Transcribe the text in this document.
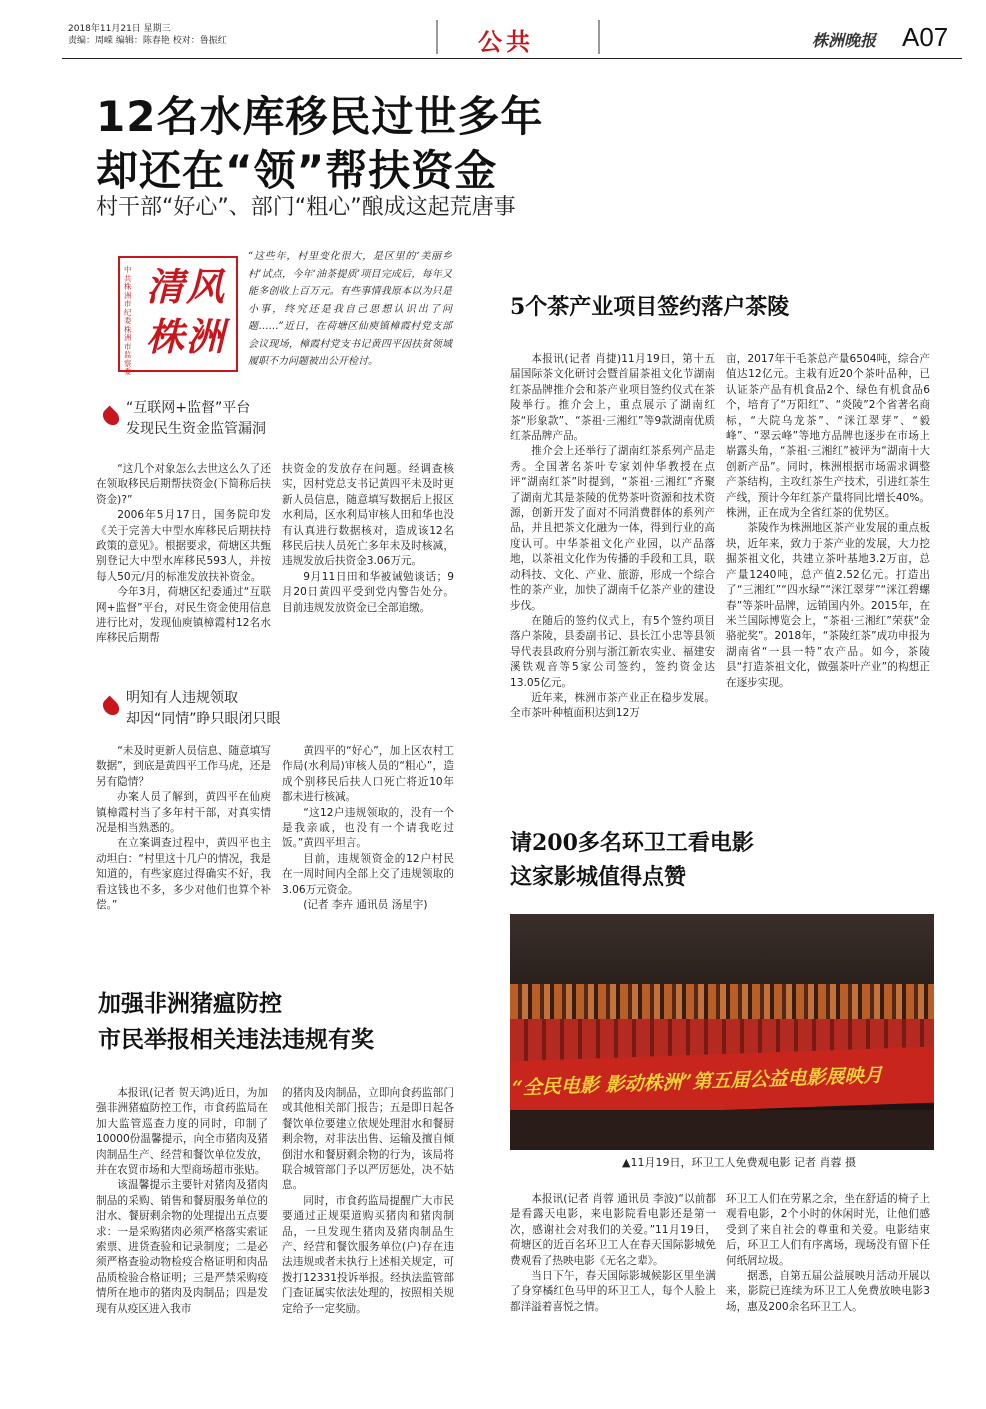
2018年11月21日 星期三
责编：周嵘 编辑：陈春艳 校对：鲁振红	公共	株洲晚报 A07
12名水库移民过世多年
却还在“领”帮扶资金
村干部“好心”、部门“粗心”酿成这起荒唐事
中共株洲市纪委 株洲市监察委
清风株洲
“这些年，村里变化很大，是区里的‘美丽乡村’试点，今年‘油茶提质’项目完成后，每年又能多创收上百万元。有些事情我原本以为只是小事，终究还是我自己思想认识出了问题……”近日，在荷塘区仙庾镇樟霞村党支部会议现场，樟霞村党支书记黄四平因扶贫领域履职不力问题被出公开检讨。
“互联网+监督”平台
发现民生资金监管漏洞

“这几个对象怎么去世这么久了还在领取移民后期帮扶资金(下简称后扶资金)?”

2006年5月17日，国务院印发《关于完善大中型水库移民后期扶持政策的意见》。根据要求，荷塘区共甄别登记大中型水库移民593人，并按每人50元/月的标准发放扶补资金。

今年3月，荷塘区纪委通过“互联网+监督”平台，对民生资金使用信息进行比对，发现仙庾镇樟霞村12名水库移民后期帮

扶资金的发放存在问题。经调查核实，因村党总支书记黄四平未及时更新人员信息，随意填写数据后上报区水利局，区水利局审核人田和华也没有认真进行数据核对，造成该12名移民后扶人员死亡多年未及时核减，违规发放后扶资金3.06万元。

9月11日田和华被诫勉谈话；9月20日黄四平受到党内警告处分。目前违规发放资金已全部追缴。

明知有人违规领取
却因“同情”睁只眼闭只眼

“未及时更新人员信息、随意填写数据”，到底是黄四平工作马虎，还是另有隐情？

办案人员了解到，黄四平在仙庾镇樟霞村当了多年村干部，对真实情况是相当熟悉的。

在立案调查过程中，黄四平也主动坦白：“村里这十几户的情况，我是知道的，有些家庭过得确实不好，我看这钱也不多，多少对他们也算个补偿。”

黄四平的“好心”，加上区农村工作局(水利局)审核人员的“粗心”，造成个别移民后扶人口死亡将近10年都未进行核减。

“这12户违规领取的，没有一个是我亲戚，也没有一个请我吃过饭。”黄四平坦言。

目前，违规领资金的12户村民在一周时间内全部上交了违规领取的3.06万元资金。

(记者 李卉 通讯员 汤星宇)

5个茶产业项目签约落户茶陵

本报讯(记者 肖捷)11月19日，第十五届国际茶文化研讨会暨首届茶祖文化节湖南红茶品牌推介会和茶产业项目签约仪式在茶陵举行。推介会上，重点展示了湖南红茶“形象款”、“茶祖·三湘红”等9款湖南优质红茶品牌产品。

推介会上还举行了湖南红茶系列产品走秀。全国著名茶叶专家刘仲华教授在点评“湖南红茶”时提到，“茶祖·三湘红”齐聚了湖南尤其是茶陵的优势茶叶资源和技术资源，创新开发了面对不同消费群体的系列产品，并且把茶文化融为一体，得到行业的高度认可。中华茶祖文化产业园，以产品落地，以茶祖文化作为传播的手段和工具，联动科技、文化、产业、旅游，形成一个综合性的茶产业，加快了湖南千亿茶产业的建设步伐。

在随后的签约仪式上，有5个签约项目落户茶陵，县委副书记、县长江小忠等县领导代表县政府分别与浙江新农实业、福建安溪铁观音等5家公司签约，签约资金达13.05亿元。

近年来，株洲市茶产业正在稳步发展。全市茶叶种植面积达到12万

亩，2017年干毛茶总产量6504吨，综合产值达12亿元。主栽有近20个茶叶品种，已认证茶产品有机食品2个、绿色有机食品6个，培育了“万阳红”、“炎陵”2个省著名商标，“大院乌龙茶”、“洣江翠芽”、“毅峰”、“翠云峰”等地方品牌也逐步在市场上崭露头角，“茶祖·三湘红”被评为“湖南十大创新产品”。同时，株洲根据市场需求调整产茶结构，主攻红茶生产技术，引进红茶生产线，预计今年红茶产量将同比增长40%。株洲，正在成为全省红茶的优势区。

茶陵作为株洲地区茶产业发展的重点板块，近年来，致力于茶产业的发展，大力挖掘茶祖文化，共建立茶叶基地3.2万亩，总产量1240吨，总产值2.52亿元。打造出了“三湘红”“四水绿”“洣江翠芽”“洣江碧螺春”等茶叶品牌，远销国内外。2015年，在米兰国际博览会上，“茶祖·三湘红”荣获“金骆驼奖”。2018年，“茶陵红茶”成功申报为湖南省“一县一特”农产品。如今，茶陵县“打造茶祖文化，做强茶叶产业”的构想正在逐步实现。

加强非洲猪瘟防控
市民举报相关违法违规有奖

本报讯(记者 贺天鸿)近日，为加强非洲猪瘟防控工作，市食药监局在加大监管巡查力度的同时，印制了10000份温馨提示，向全市猪肉及猪肉制品生产、经营和餐饮单位发放，并在农贸市场和大型商场超市张贴。

该温馨提示主要针对猪肉及猪肉制品的采购、销售和餐厨服务单位的泔水、餐厨剩余物的处理提出五点要求：一是采购猪肉必须严格落实索证索票、进货查验和记录制度；二是必须严格查验动物检疫合格证明和肉品品质检验合格证明；三是严禁采购疫情所在地市的猪肉及肉制品；四是发现有从疫区进入我市

的猪肉及肉制品，立即向食药监部门或其他相关部门报告；五是即日起各餐饮单位要建立依规处理泔水和餐厨剩余物，对非法出售、运输及擅自倾倒泔水和餐厨剩余物的行为，该局将联合城管部门予以严厉惩处，决不姑息。

同时，市食药监局提醒广大市民要通过正规渠道购买猪肉和猪肉制品，一旦发现生猪肉及猪肉制品生产、经营和餐饮服务单位(户)存在违法违规或者未执行上述相关规定，可拨打12331投诉举报。经执法监管部门查证属实依法处理的，按照相关规定给予一定奖励。

请200多名环卫工看电影
这家影城值得点赞
“全民电影 影动株洲”第五届公益电影展映月
▲11月19日，环卫工人免费观电影 记者 肖蓉 摄

本报讯(记者 肖蓉 通讯员 李波)“以前都是看露天电影，来电影院看电影还是第一次，感谢社会对我们的关爱。”11月19日，荷塘区的近百名环卫工人在春天国际影城免费观看了热映电影《无名之辈》。

当日下午，春天国际影城候影区里坐满了身穿橘红色马甲的环卫工人，每个人脸上都洋溢着喜悦之情。

环卫工人们在劳累之余，坐在舒适的椅子上观看电影，2个小时的休闲时光，让他们感受到了来自社会的尊重和关爱。电影结束后，环卫工人们有序离场，现场没有留下任何纸屑垃圾。

据悉，自第五届公益展映月活动开展以来，影院已连续为环卫工人免费放映电影3场，惠及200余名环卫工人。
